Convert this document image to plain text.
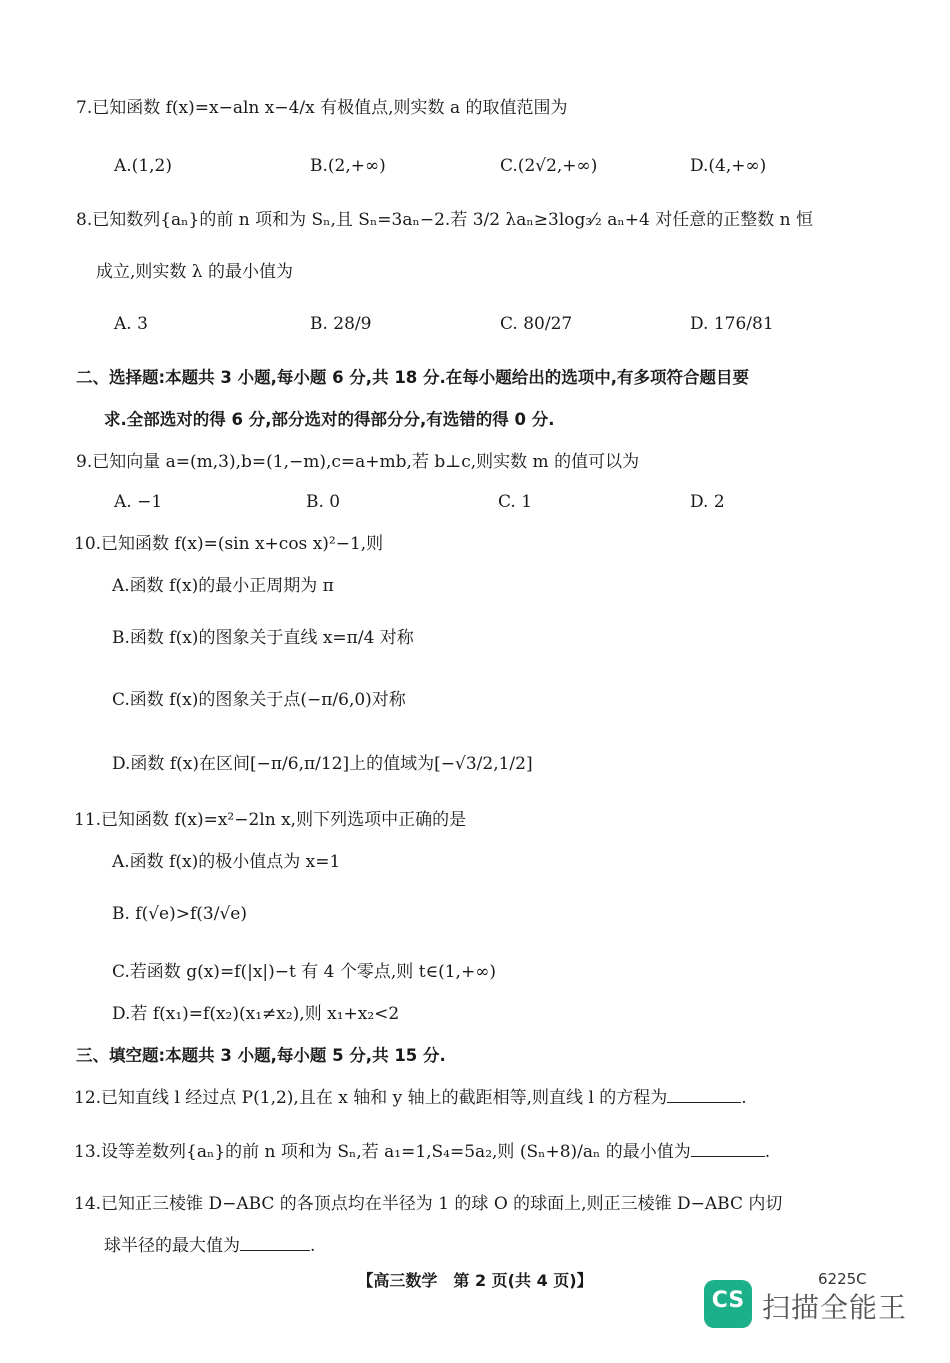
7.已知函数 f(x)=x−aln x−4/x 有极值点,则实数 a 的取值范围为
A.(1,2)	B.(2,+∞)	C.(2√2,+∞)	D.(4,+∞)
8.已知数列{aₙ}的前 n 项和为 Sₙ,且 Sₙ=3aₙ−2.若 3/2 λaₙ≥3log₃⁄₂ aₙ+4 对任意的正整数 n 恒
成立,则实数 λ 的最小值为
A. 3	B. 28/9	C. 80/27	D. 176/81
二、选择题:本题共 3 小题,每小题 6 分,共 18 分.在每小题给出的选项中,有多项符合题目要
求.全部选对的得 6 分,部分选对的得部分分,有选错的得 0 分.
9.已知向量 a=(m,3),b=(1,−m),c=a+mb,若 b⊥c,则实数 m 的值可以为
A. −1	B. 0	C. 1	D. 2
10.已知函数 f(x)=(sin x+cos x)²−1,则
A.函数 f(x)的最小正周期为 π
B.函数 f(x)的图象关于直线 x=π/4 对称
C.函数 f(x)的图象关于点(−π/6,0)对称
D.函数 f(x)在区间[−π/6,π/12]上的值域为[−√3/2,1/2]
11.已知函数 f(x)=x²−2ln x,则下列选项中正确的是
A.函数 f(x)的极小值点为 x=1
B. f(√e)>f(3/√e)
C.若函数 g(x)=f(|x|)−t 有 4 个零点,则 t∈(1,+∞)
D.若 f(x₁)=f(x₂)(x₁≠x₂),则 x₁+x₂<2
三、填空题:本题共 3 小题,每小题 5 分,共 15 分.
12.已知直线 l 经过点 P(1,2),且在 x 轴和 y 轴上的截距相等,则直线 l 的方程为	.
13.设等差数列{aₙ}的前 n 项和为 Sₙ,若 a₁=1,S₄=5a₂,则 (Sₙ+8)/aₙ 的最小值为	.
14.已知正三棱锥 D−ABC 的各顶点均在半径为 1 的球 O 的球面上,则正三棱锥 D−ABC 内切
球半径的最大值为	.
【高三数学　第 2 页(共 4 页)】	6225C
CS 扫描全能王
